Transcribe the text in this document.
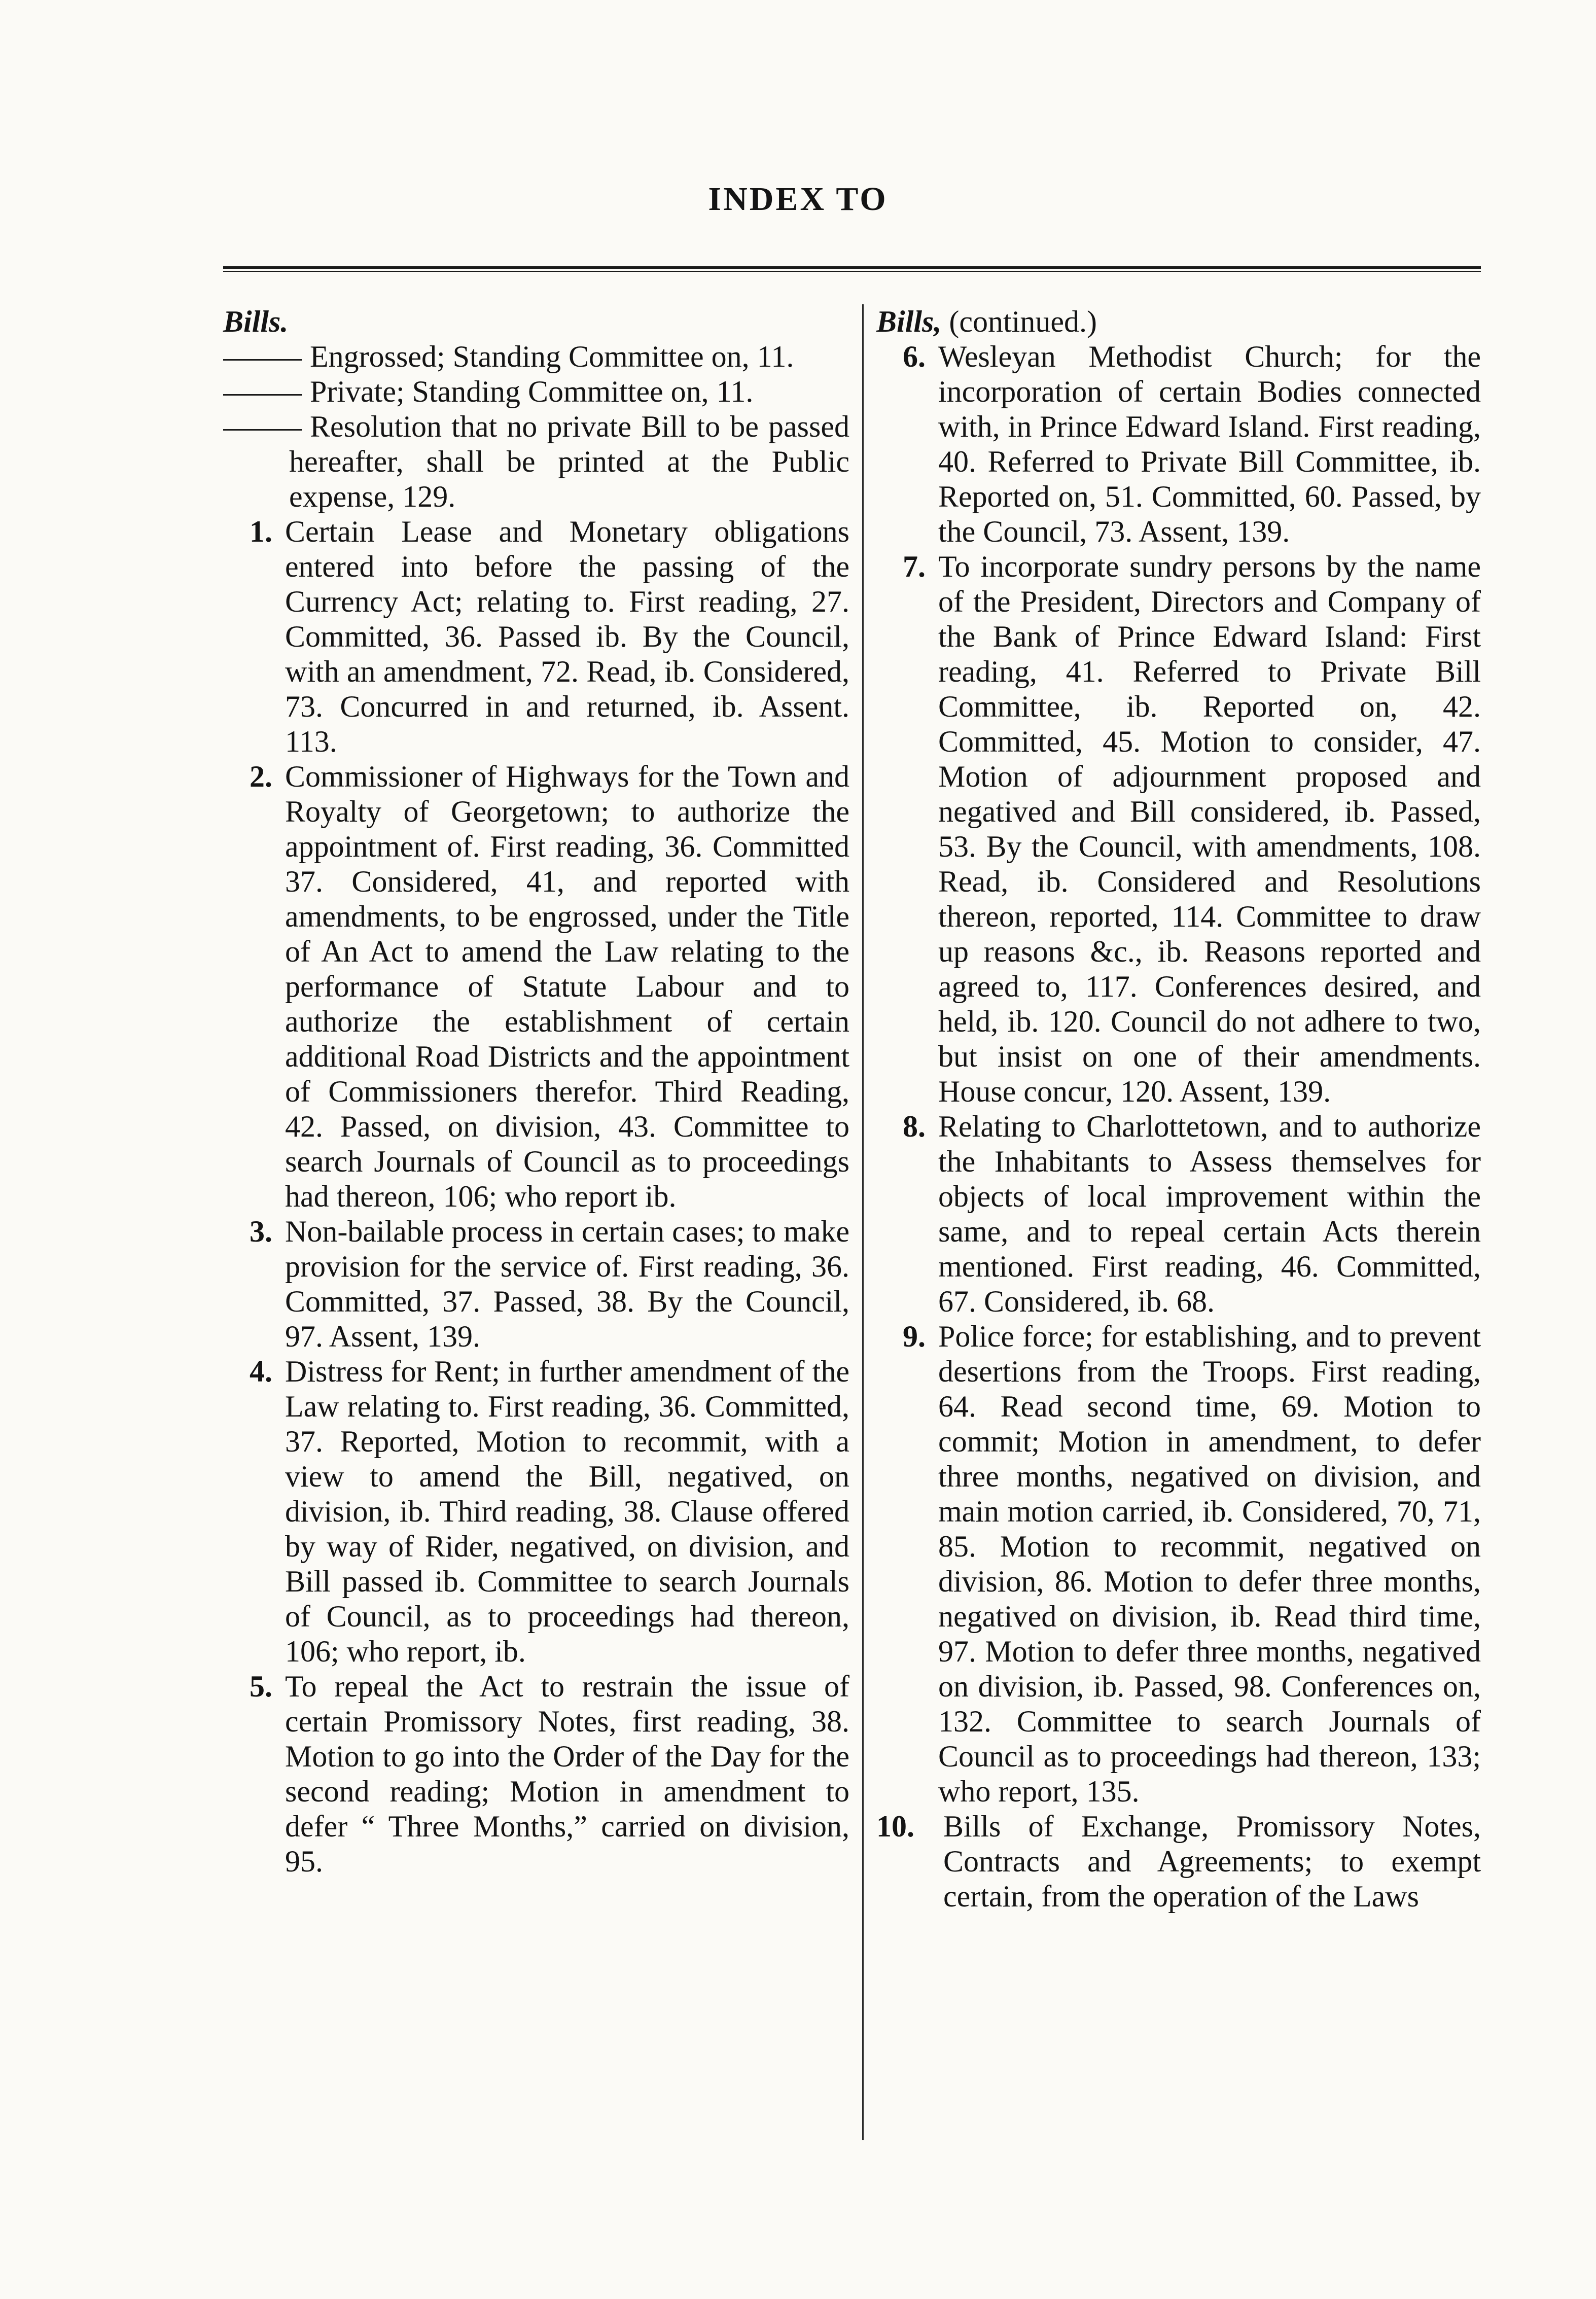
INDEX TO
Bills.
Engrossed; Standing Committee on, 11.
Private; Standing Committee on, 11.
Resolution that no private Bill to be passed hereafter, shall be printed at the Public expense, 129.
1. Certain Lease and Monetary obligations entered into before the passing of the Currency Act; relating to. First reading, 27. Committed, 36. Passed ib. By the Council, with an amendment, 72. Read, ib. Considered, 73. Concurred in and returned, ib. Assent. 113.
2. Commissioner of Highways for the Town and Royalty of Georgetown; to authorize the appointment of. First reading, 36. Committed 37. Considered, 41, and reported with amendments, to be engrossed, under the Title of An Act to amend the Law relating to the performance of Statute Labour and to authorize the establishment of certain additional Road Districts and the appointment of Commissioners therefor. Third Reading, 42. Passed, on division, 43. Committee to search Journals of Council as to proceedings had thereon, 106; who report ib.
3. Non-bailable process in certain cases; to make provision for the service of. First reading, 36. Committed, 37. Passed, 38. By the Council, 97. Assent, 139.
4. Distress for Rent; in further amendment of the Law relating to. First reading, 36. Committed, 37. Reported, Motion to recommit, with a view to amend the Bill, negatived, on division, ib. Third reading, 38. Clause offered by way of Rider, negatived, on division, and Bill passed ib. Committee to search Journals of Council, as to proceedings had thereon, 106; who report, ib.
5. To repeal the Act to restrain the issue of certain Promissory Notes, first reading, 38. Motion to go into the Order of the Day for the second reading; Motion in amendment to defer “ Three Months,” carried on division, 95.
Bills, (continued.)
6. Wesleyan Methodist Church; for the incorporation of certain Bodies connected with, in Prince Edward Island. First reading, 40. Referred to Private Bill Committee, ib. Reported on, 51. Committed, 60. Passed, by the Council, 73. Assent, 139.
7. To incorporate sundry persons by the name of the President, Directors and Company of the Bank of Prince Edward Island: First reading, 41. Referred to Private Bill Committee, ib. Reported on, 42. Committed, 45. Motion to consider, 47. Motion of adjournment proposed and negatived and Bill considered, ib. Passed, 53. By the Council, with amendments, 108. Read, ib. Considered and Resolutions thereon, reported, 114. Committee to draw up reasons &c., ib. Reasons reported and agreed to, 117. Conferences desired, and held, ib. 120. Council do not adhere to two, but insist on one of their amendments. House concur, 120. Assent, 139.
8. Relating to Charlottetown, and to authorize the Inhabitants to Assess themselves for objects of local improvement within the same, and to repeal certain Acts therein mentioned. First reading, 46. Committed, 67. Considered, ib. 68.
9. Police force; for establishing, and to prevent desertions from the Troops. First reading, 64. Read second time, 69. Motion to commit; Motion in amendment, to defer three months, negatived on division, and main motion carried, ib. Considered, 70, 71, 85. Motion to recommit, negatived on division, 86. Motion to defer three months, negatived on division, ib. Read third time, 97. Motion to defer three months, negatived on division, ib. Passed, 98. Conferences on, 132. Committee to search Journals of Council as to proceedings had thereon, 133; who report, 135.
10. Bills of Exchange, Promissory Notes, Contracts and Agreements; to exempt certain, from the operation of the Laws
